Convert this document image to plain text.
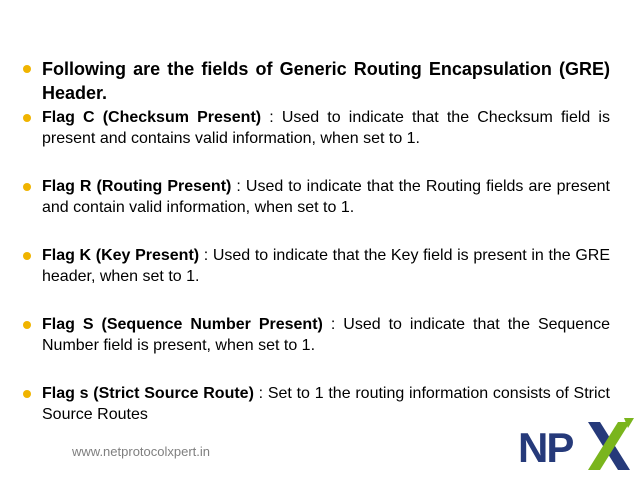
Following are the fields of Generic Routing Encapsulation (GRE) Header.
Flag C (Checksum Present) : Used to indicate that the Checksum field is present and contains valid information, when set to 1.
Flag R (Routing Present) : Used to indicate that the Routing fields are present and contain valid information, when set to 1.
Flag K (Key Present) : Used to indicate that the Key field is present in the GRE header, when set to 1.
Flag S (Sequence Number Present) : Used to indicate that the Sequence Number field is present, when set to 1.
Flag s (Strict Source Route) : Set to 1 the routing information consists of Strict Source Routes
www.netprotocolxpert.in	NP
